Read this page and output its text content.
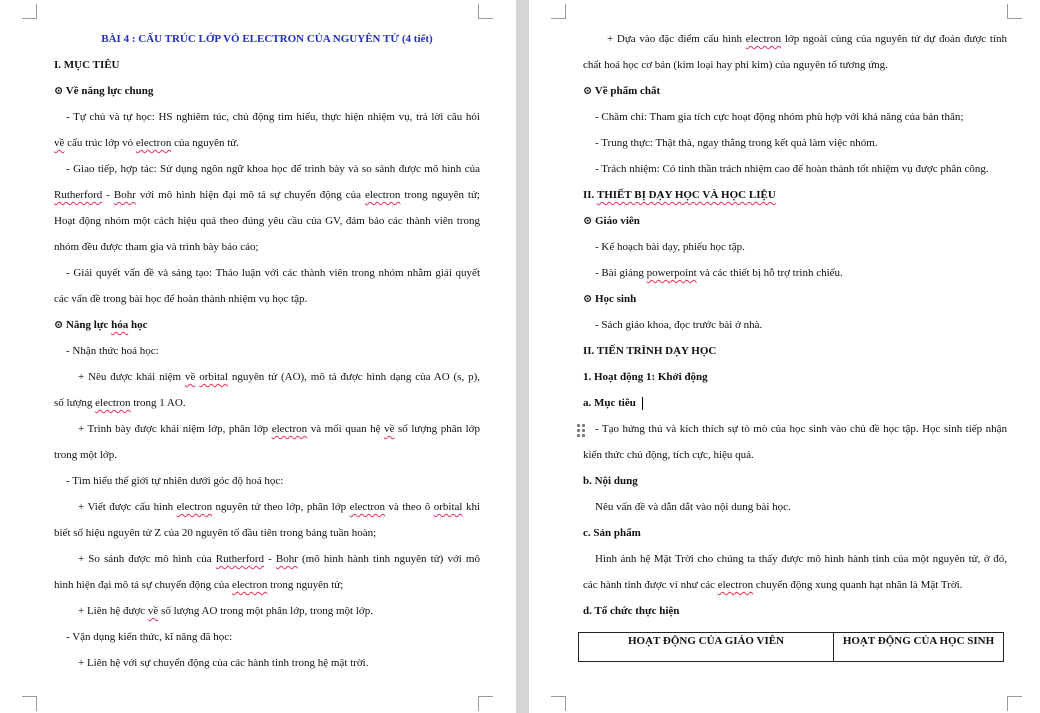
BÀI 4 : CẤU TRÚC LỚP VỎ ELECTRON CỦA NGUYÊN TỬ (4 tiết)
I. MỤC TIÊU
⊙ Về năng lực chung
- Tự chủ và tự học: HS nghiêm túc, chủ động tìm hiểu, thực hiện nhiệm vụ, trả lời câu hỏi
về cấu trúc lớp vỏ electron của nguyên tử.
- Giao tiếp, hợp tác: Sử dụng ngôn ngữ khoa học để trình bày và so sánh được mô hình của
Rutherford - Bohr với mô hình hiện đại mô tả sự chuyển động của electron trong nguyên tử;
Hoạt động nhóm một cách hiệu quả theo đúng yêu cầu của GV, đảm bảo các thành viên trong
nhóm đều được tham gia và trình bày báo cáo;
- Giải quyết vấn đề và sáng tạo: Thảo luận với các thành viên trong nhóm nhằm giải quyết
các vấn đề trong bài học để hoàn thành nhiệm vụ học tập.
⊙ Năng lực hóa học
- Nhận thức hoá học:
+ Nêu được khái niệm về orbital nguyên tử (AO), mô tả được hình dạng của AO (s, p),
số lượng electron trong 1 AO.
+ Trình bày được khái niệm lớp, phân lớp electron và mối quan hệ về số lượng phân lớp
trong một lớp.
- Tìm hiểu thế giới tự nhiên dưới góc độ hoá học:
+ Viết được cấu hình electron nguyên tử theo lớp, phân lớp electron và theo ô orbital khi
biết số hiệu nguyên tử Z của 20 nguyên tố đầu tiên trong bảng tuần hoàn;
+ So sánh được mô hình của Rutherford - Bohr (mô hình hành tinh nguyên tử) với mô
hình hiện đại mô tả sự chuyển động của electron trong nguyên tử;
+ Liên hệ được về số lượng AO trong một phân lớp, trong một lớp.
- Vận dụng kiến thức, kĩ năng đã học:
+ Liên hệ với sự chuyển động của các hành tinh trong hệ mặt trời.
+ Dựa vào đặc điểm cấu hình electron lớp ngoài cùng của nguyên tử dự đoán được tính
chất hoá học cơ bản (kim loại hay phi kim) của nguyên tố tương ứng.
⊙ Về phẩm chất
- Chăm chỉ: Tham gia tích cực hoạt động nhóm phù hợp với khả năng của bản thân;
- Trung thực: Thật thà, ngay thẳng trong kết quả làm việc nhóm.
- Trách nhiệm: Có tinh thần trách nhiệm cao để hoàn thành tốt nhiệm vụ được phân công.
II. THIẾT BỊ DẠY HỌC VÀ HỌC LIỆU
⊙ Giáo viên
- Kế hoạch bài dạy, phiếu học tập.
- Bài giảng powerpoint và các thiết bị hỗ trợ trình chiếu.
⊙ Học sinh
- Sách giáo khoa, đọc trước bài ở nhà.
II. TIẾN TRÌNH DẠY HỌC
1. Hoạt động 1: Khởi động
a. Mục tiêu
- Tạo hứng thú và kích thích sự tò mò của học sinh vào chủ đề học tập. Học sinh tiếp nhận
kiến thức chủ động, tích cực, hiệu quả.
b. Nội dung
Nêu vấn đề và dẫn dắt vào nội dung bài học.
c. Sản phẩm
Hình ảnh hệ Mặt Trời cho chúng ta thấy được mô hình hành tinh của một nguyên tử, ở đó,
các hành tinh được ví như các electron chuyển động xung quanh hạt nhân là Mặt Trời.
d. Tổ chức thực hiện
HOẠT ĐỘNG CỦA GIÁO VIÊN	HOẠT ĐỘNG CỦA HỌC SINH
